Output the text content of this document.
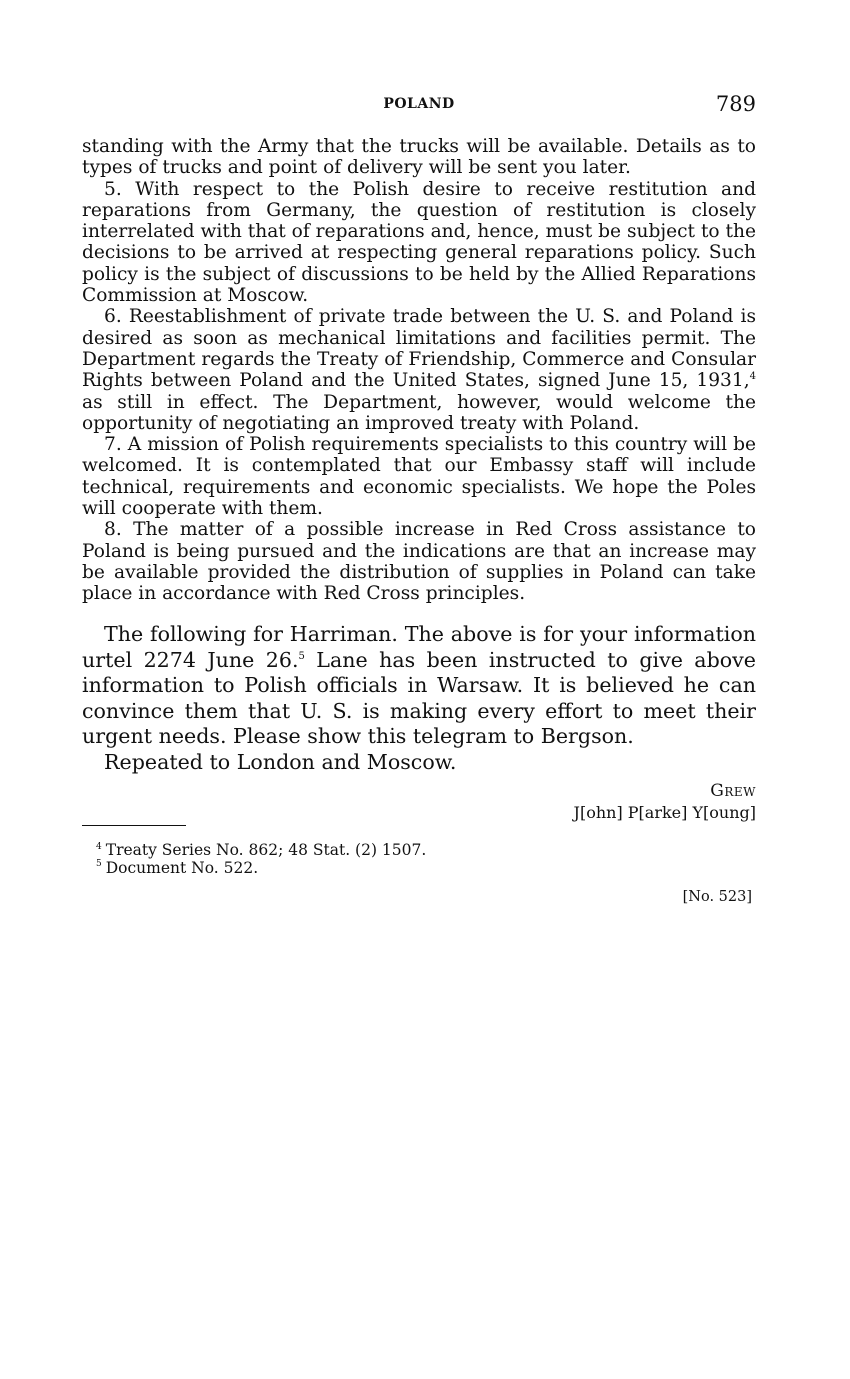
POLAND	789

standing with the Army that the trucks will be available. Details as to types of trucks and point of delivery will be sent you later.

5. With respect to the Polish desire to receive restitution and reparations from Germany, the question of restitution is closely interrelated with that of reparations and, hence, must be subject to the decisions to be arrived at respecting general reparations policy. Such policy is the subject of discussions to be held by the Allied Reparations Commission at Moscow.

6. Reestablishment of private trade between the U. S. and Poland is desired as soon as mechanical limitations and facilities permit. The Department regards the Treaty of Friendship, Commerce and Consular Rights between Poland and the United States, signed June 15, 1931,$^4$ as still in effect. The Department, however, would welcome the opportunity of negotiating an improved treaty with Poland.

7. A mission of Polish requirements specialists to this country will be welcomed. It is contemplated that our Embassy staff will include technical, requirements and economic specialists. We hope the Poles will cooperate with them.

8. The matter of a possible increase in Red Cross assistance to Poland is being pursued and the indications are that an increase may be available provided the distribution of supplies in Poland can take place in accordance with Red Cross principles.

The following for Harriman. The above is for your information urtel 2274 June 26.$^5$ Lane has been instructed to give above information to Polish officials in Warsaw. It is believed he can convince them that U. S. is making every effort to meet their urgent needs. Please show this telegram to Bergson.

Repeated to London and Moscow.

Grew
J[ohn] P[arke] Y[oung]
$^4$ Treaty Series No. 862; 48 Stat. (2) 1507.
$^5$ Document No. 522.
[No. 523]
